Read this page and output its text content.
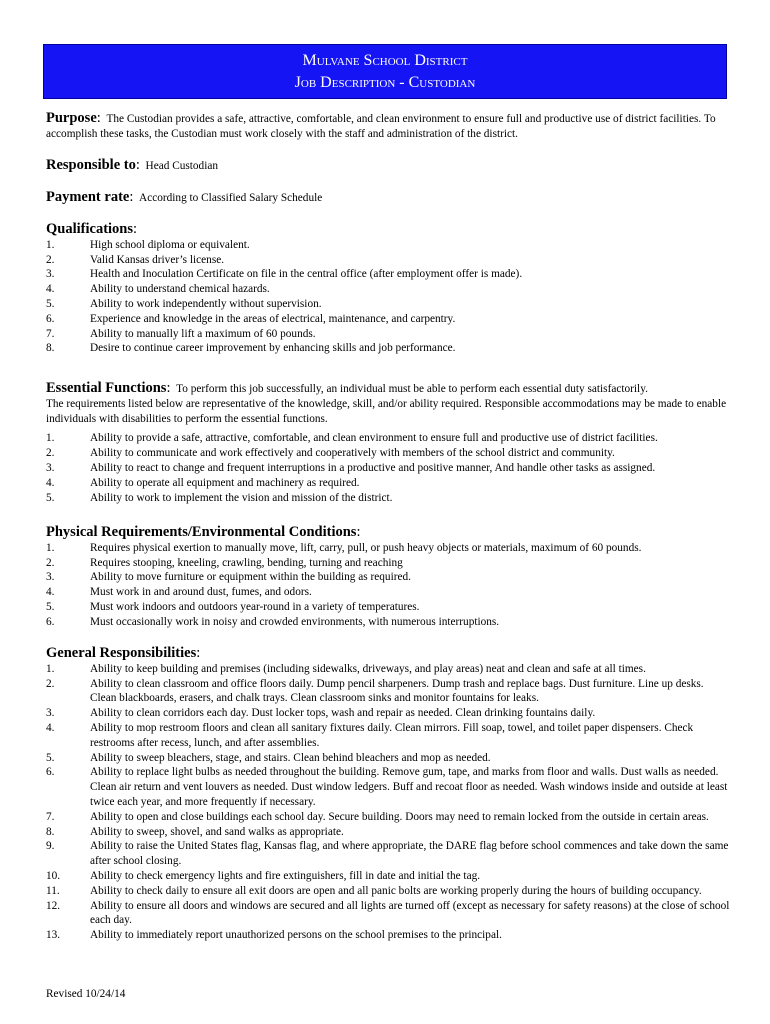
Mulvane School District
Job Description - Custodian
Purpose: The Custodian provides a safe, attractive, comfortable, and clean environment to ensure full and productive use of district facilities. To accomplish these tasks, the Custodian must work closely with the staff and administration of the district.
Responsible to: Head Custodian
Payment rate: According to Classified Salary Schedule
Qualifications:
1.	High school diploma or equivalent.
2.	Valid Kansas driver’s license.
3.	Health and Inoculation Certificate on file in the central office (after employment offer is made).
4.	Ability to understand chemical hazards.
5.	Ability to work independently without supervision.
6.	Experience and knowledge in the areas of electrical, maintenance, and carpentry.
7.	Ability to manually lift a maximum of 60 pounds.
8.	Desire to continue career improvement by enhancing skills and job performance.
Essential Functions: To perform this job successfully, an individual must be able to perform each essential duty satisfactorily.
The requirements listed below are representative of the knowledge, skill, and/or ability required. Responsible accommodations may be made to enable individuals with disabilities to perform the essential functions.
1.	Ability to provide a safe, attractive, comfortable, and clean environment to ensure full and productive use of district facilities.
2.	Ability to communicate and work effectively and cooperatively with members of the school district and community.
3.	Ability to react to change and frequent interruptions in a productive and positive manner, And handle other tasks as assigned.
4.	Ability to operate all equipment and machinery as required.
5.	Ability to work to implement the vision and mission of the district.
Physical Requirements/Environmental Conditions:
1.	Requires physical exertion to manually move, lift, carry, pull, or push heavy objects or materials, maximum of 60 pounds.
2.	Requires stooping, kneeling, crawling, bending, turning and reaching
3.	Ability to move furniture or equipment within the building as required.
4.	Must work in and around dust, fumes, and odors.
5.	Must work indoors and outdoors year-round in a variety of temperatures.
6.	Must occasionally work in noisy and crowded environments, with numerous interruptions.
General Responsibilities:
1.	Ability to keep building and premises (including sidewalks, driveways, and play areas) neat and clean and safe at all times.
2.	Ability to clean classroom and office floors daily. Dump pencil sharpeners. Dump trash and replace bags. Dust furniture. Line up desks. Clean blackboards, erasers, and chalk trays. Clean classroom sinks and monitor fountains for leaks.
3.	Ability to clean corridors each day. Dust locker tops, wash and repair as needed. Clean drinking fountains daily.
4.	Ability to mop restroom floors and clean all sanitary fixtures daily. Clean mirrors. Fill soap, towel, and toilet paper dispensers. Check restrooms after recess, lunch, and after assemblies.
5.	Ability to sweep bleachers, stage, and stairs. Clean behind bleachers and mop as needed.
6.	Ability to replace light bulbs as needed throughout the building. Remove gum, tape, and marks from floor and walls. Dust walls as needed. Clean air return and vent louvers as needed. Dust window ledgers. Buff and recoat floor as needed. Wash windows inside and outside at least twice each year, and more frequently if necessary.
7.	Ability to open and close buildings each school day. Secure building. Doors may need to remain locked from the outside in certain areas.
8.	Ability to sweep, shovel, and sand walks as appropriate.
9.	Ability to raise the United States flag, Kansas flag, and where appropriate, the DARE flag before school commences and take down the same after school closing.
10.	Ability to check emergency lights and fire extinguishers, fill in date and initial the tag.
11.	Ability to check daily to ensure all exit doors are open and all panic bolts are working properly during the hours of building occupancy.
12.	Ability to ensure all doors and windows are secured and all lights are turned off (except as necessary for safety reasons) at the close of school each day.
13.	Ability to immediately report unauthorized persons on the school premises to the principal.
Revised 10/24/14
